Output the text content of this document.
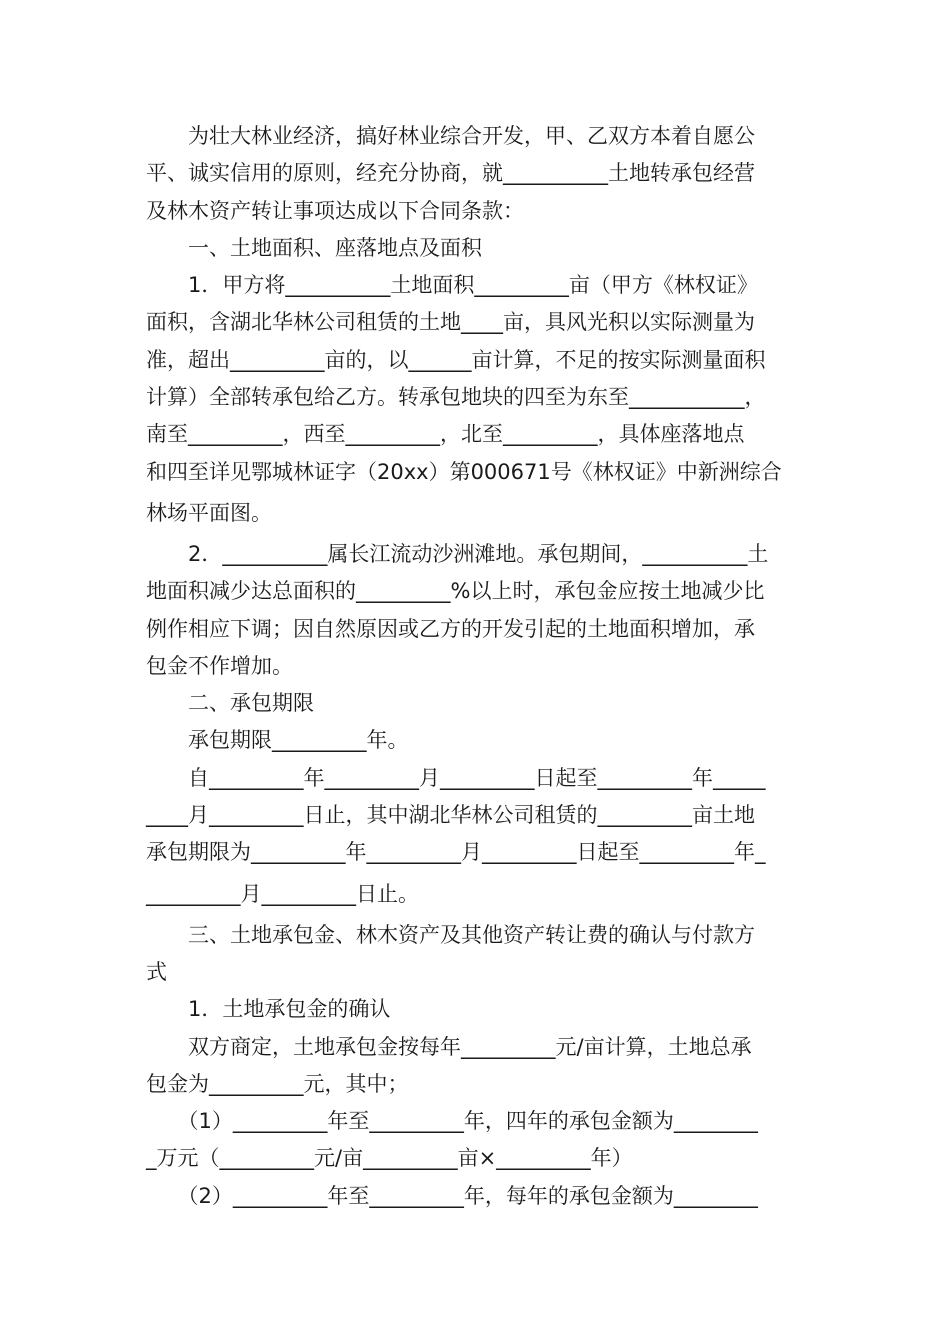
　　为壮大林业经济，搞好林业综合开发，甲、乙双方本着自愿公
平、诚实信用的原则，经充分协商，就__________土地转承包经营
及林木资产转让事项达成以下合同条款：
　　一、土地面积、座落地点及面积
　　1．甲方将__________土地面积_________亩（甲方《林权证》
面积，含湖北华林公司租赁的土地____亩，具风光积以实际测量为
准，超出_________亩的，以______亩计算，不足的按实际测量面积
计算）全部转承包给乙方。转承包地块的四至为东至___________，
南至_________，西至_________，北至_________，具体座落地点
和四至详见鄂城林证字（20xx）第000671号《林权证》中新洲综合
林场平面图。
　　2．__________属长江流动沙洲滩地。承包期间，__________土
地面积减少达总面积的_________%以上时，承包金应按土地减少比
例作相应下调；因自然原因或乙方的开发引起的土地面积增加，承
包金不作增加。
　　二、承包期限
　　承包期限_________年。
　　自_________年_________月_________日起至_________年_____
____月_________日止，其中湖北华林公司租赁的_________亩土地
承包期限为_________年_________月_________日起至_________年_
_________月_________日止。
　　三、土地承包金、林木资产及其他资产转让费的确认与付款方
式
　　1．土地承包金的确认
　　双方商定，土地承包金按每年_________元/亩计算，土地总承
包金为_________元，其中；
　　（1）_________年至_________年，四年的承包金额为________
_万元（_________元/亩_________亩×_________年）
　　（2）_________年至_________年，每年的承包金额为________
